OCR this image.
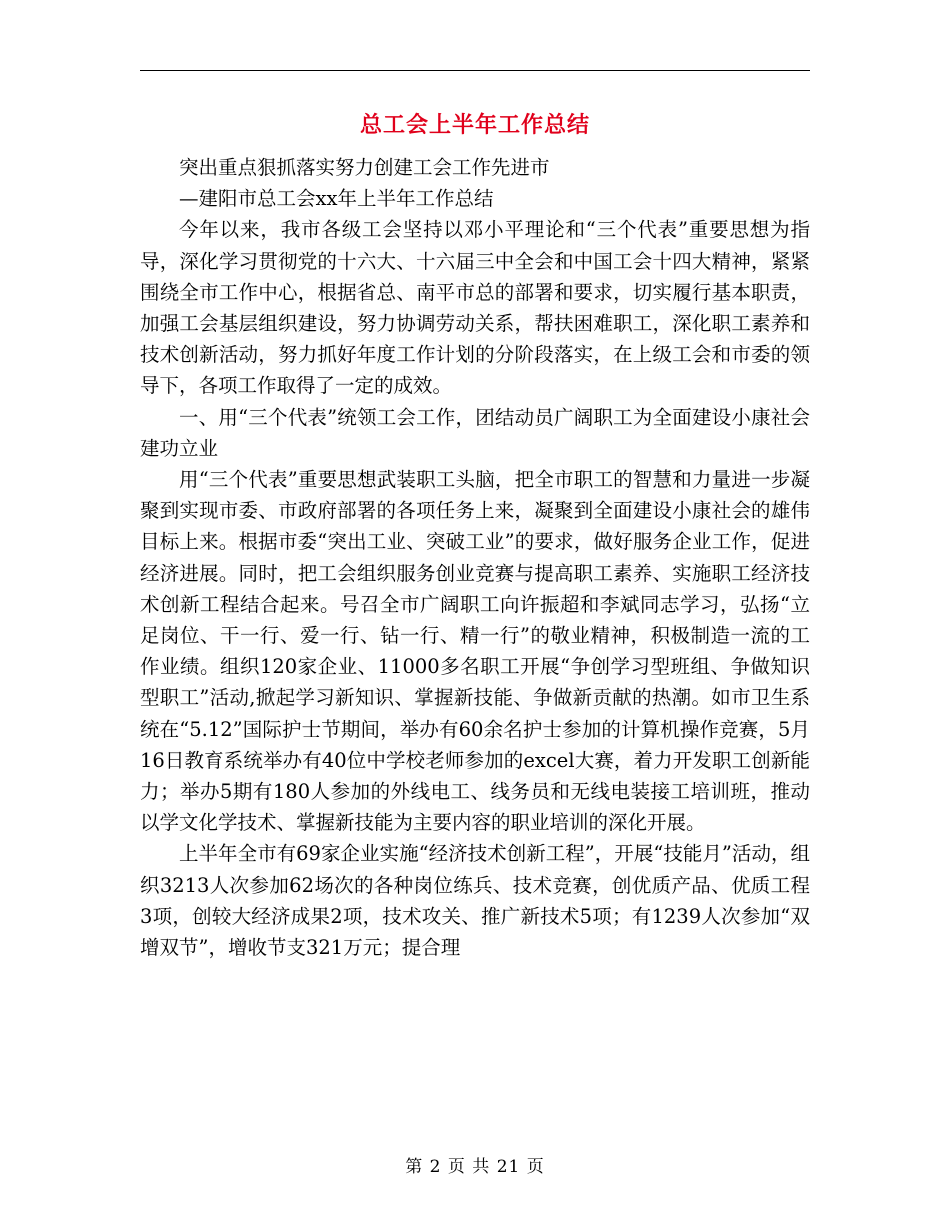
总工会上半年工作总结

突出重点狠抓落实努力创建工会工作先进市

—建阳市总工会xx年上半年工作总结

今年以来，我市各级工会坚持以邓小平理论和“三个代表”重要思想为指导，深化学习贯彻党的十六大、十六届三中全会和中国工会十四大精神，紧紧围绕全市工作中心，根据省总、南平市总的部署和要求，切实履行基本职责，加强工会基层组织建设，努力协调劳动关系，帮扶困难职工，深化职工素养和技术创新活动，努力抓好年度工作计划的分阶段落实，在上级工会和市委的领导下，各项工作取得了一定的成效。

一、用“三个代表”统领工会工作，团结动员广阔职工为全面建设小康社会建功立业

用“三个代表”重要思想武装职工头脑，把全市职工的智慧和力量进一步凝聚到实现市委、市政府部署的各项任务上来，凝聚到全面建设小康社会的雄伟目标上来。根据市委“突出工业、突破工业”的要求，做好服务企业工作，促进经济进展。同时，把工会组织服务创业竞赛与提高职工素养、实施职工经济技术创新工程结合起来。号召全市广阔职工向许振超和李斌同志学习，弘扬“立足岗位、干一行、爱一行、钻一行、精一行”的敬业精神，积极制造一流的工作业绩。组织120家企业、11000多名职工开展“争创学习型班组、争做知识型职工”活动,掀起学习新知识、掌握新技能、争做新贡献的热潮。如市卫生系统在“5.12”国际护士节期间，举办有60余名护士参加的计算机操作竞赛，5月16日教育系统举办有40位中学校老师参加的excel大赛，着力开发职工创新能力；举办5期有180人参加的外线电工、线务员和无线电装接工培训班，推动以学文化学技术、掌握新技能为主要内容的职业培训的深化开展。

上半年全市有69家企业实施“经济技术创新工程”，开展“技能月”活动，组织3213人次参加62场次的各种岗位练兵、技术竞赛，创优质产品、优质工程3项，创较大经济成果2项，技术攻关、推广新技术5项；有1239人次参加“双增双节”，增收节支321万元；提合理

第 2 页 共 21 页
